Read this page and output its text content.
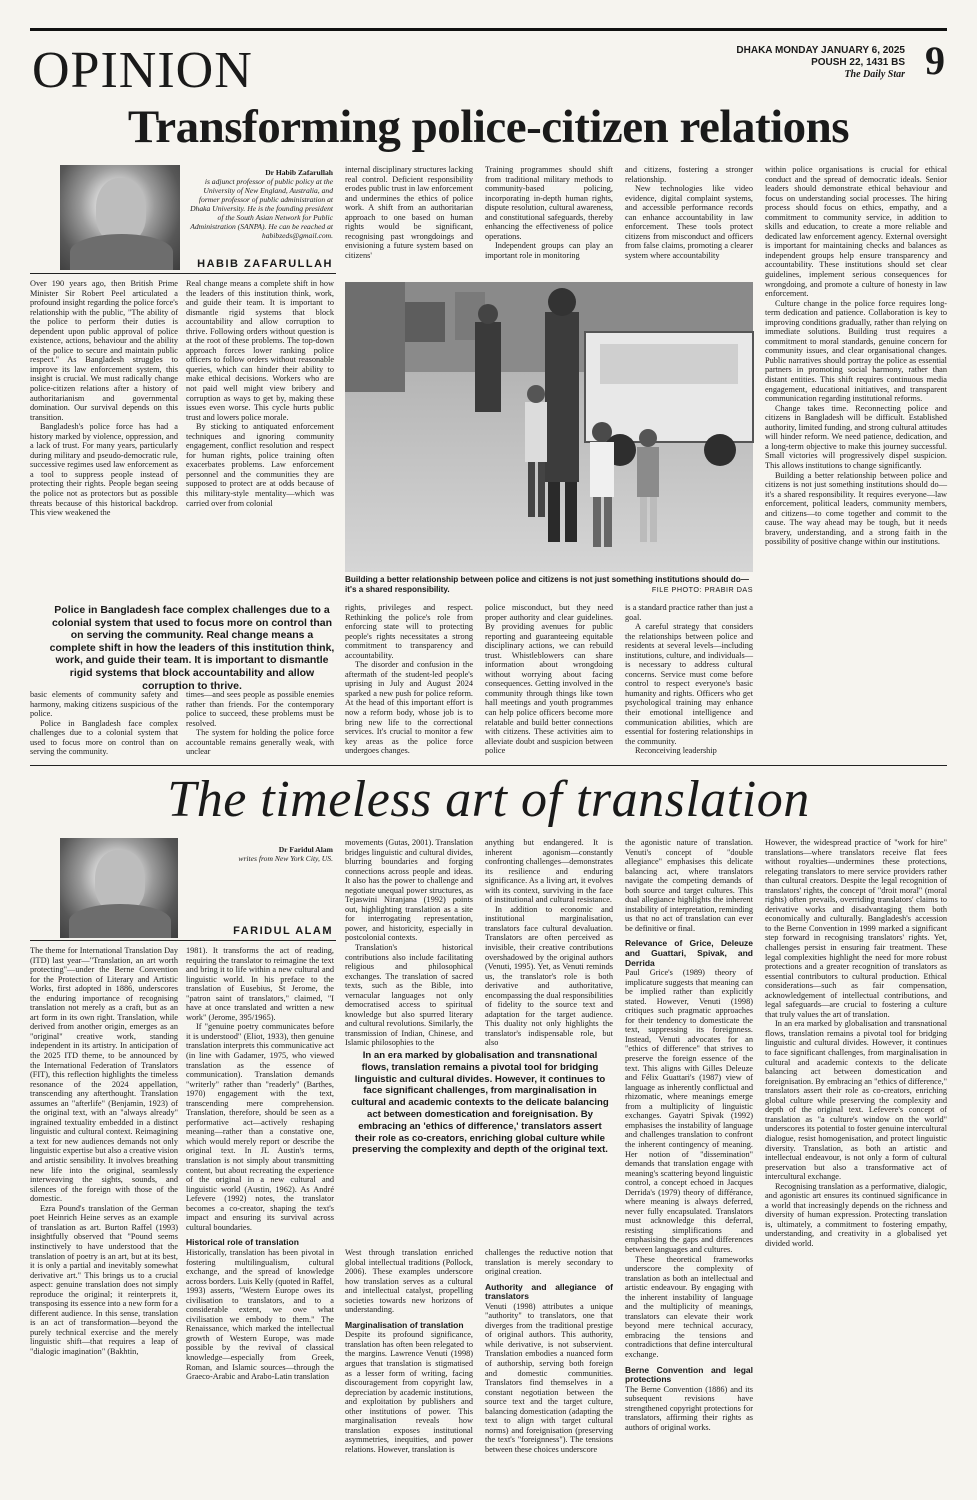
OPINION	DHAKA MONDAY JANUARY 6, 2025
POUSH 22, 1431 BS
The Daily Star 9
Transforming police-citizen relations
Dr Habib Zafarullah
is adjunct professor of public policy at the University of New England, Australia, and former professor of public administration at Dhaka University. He is the founding president of the South Asian Network for Public Administration (SANPA). He can be reached at habibzeds@gmail.com.
HABIB ZAFARULLAH

Over 190 years ago, then British Prime Minister Sir Robert Peel articulated a profound insight regarding the police force's relationship with the public, "The ability of the police to perform their duties is dependent upon public approval of police existence, actions, behaviour and the ability of the police to secure and maintain public respect." As Bangladesh struggles to improve its law enforcement system, this insight is crucial. We must radically change police-citizen relations after a history of authoritarianism and governmental domination. Our survival depends on this transition.

Bangladesh's police force has had a history marked by violence, oppression, and a lack of trust. For many years, particularly during military and pseudo-democratic rule, successive regimes used law enforcement as a tool to suppress people instead of protecting their rights. People began seeing the police not as protectors but as possible threats because of this historical backdrop. This view weakened the

Real change means a complete shift in how the leaders of this institution think, work, and guide their team. It is important to dismantle rigid systems that block accountability and allow corruption to thrive. Following orders without question is at the root of these problems. The top-down approach forces lower ranking police officers to follow orders without reasonable queries, which can hinder their ability to make ethical decisions. Workers who are not paid well might view bribery and corruption as ways to get by, making these issues even worse. This cycle hurts public trust and lowers police morale.

By sticking to antiquated enforcement techniques and ignoring community engagement, conflict resolution and respect for human rights, police training often exacerbates problems. Law enforcement personnel and the communities they are supposed to protect are at odds because of this military-style mentality—which was carried over from colonial

internal disciplinary structures lacking real control. Deficient responsibility erodes public trust in law enforcement and undermines the ethics of police work. A shift from an authoritarian approach to one based on human rights would be significant, recognising past wrongdoings and envisioning a future system based on citizens'

Training programmes should shift from traditional military methods to community-based policing, incorporating in-depth human rights, dispute resolution, cultural awareness, and constitutional safeguards, thereby enhancing the effectiveness of police operations.

Independent groups can play an important role in monitoring

and citizens, fostering a stronger relationship.

New technologies like video evidence, digital complaint systems, and accessible performance records can enhance accountability in law enforcement. These tools protect citizens from misconduct and officers from false claims, promoting a clearer system where accountability

within police organisations is crucial for ethical conduct and the spread of democratic ideals. Senior leaders should demonstrate ethical behaviour and focus on understanding social processes. The hiring process should focus on ethics, empathy, and a commitment to community service, in addition to skills and education, to create a more reliable and dedicated law enforcement agency. External oversight is important for maintaining checks and balances as independent groups help ensure transparency and accountability. These institutions should set clear guidelines, implement serious consequences for wrongdoing, and promote a culture of honesty in law enforcement.

Culture change in the police force requires long-term dedication and patience. Collaboration is key to improving conditions gradually, rather than relying on immediate solutions. Building trust requires a commitment to moral standards, genuine concern for community issues, and clear organisational changes. Public narratives should portray the police as essential partners in promoting social harmony, rather than distant entities. This shift requires continuous media engagement, educational initiatives, and transparent communication regarding institutional reforms.

Change takes time. Reconnecting police and citizens in Bangladesh will be difficult. Established authority, limited funding, and strong cultural attitudes will hinder reform. We need patience, dedication, and a long-term objective to make this journey successful. Small victories will progressively dispel suspicion. This allows institutions to change significantly.

Building a better relationship between police and citizens is not just something institutions should do—it's a shared responsibility. It requires everyone—law enforcement, political leaders, community members, and citizens—to come together and commit to the cause. The way ahead may be tough, but it needs bravery, understanding, and a strong faith in the possibility of positive change within our institutions.

Building a better relationship between police and citizens is not just something institutions should do—it's a shared responsibility.	FILE PHOTO: PRABIR DAS
Police in Bangladesh face complex challenges due to a colonial system that used to focus more on control than on serving the community. Real change means a complete shift in how the leaders of this institution think, work, and guide their team. It is important to dismantle rigid systems that block accountability and allow corruption to thrive.

basic elements of community safety and harmony, making citizens suspicious of the police.

Police in Bangladesh face complex challenges due to a colonial system that used to focus more on control than on serving the community.

times—and sees people as possible enemies rather than friends. For the contemporary police to succeed, these problems must be resolved.

The system for holding the police force accountable remains generally weak, with unclear

rights, privileges and respect. Rethinking the police's role from enforcing state will to protecting people's rights necessitates a strong commitment to transparency and accountability.

The disorder and confusion in the aftermath of the student-led people's uprising in July and August 2024 sparked a new push for police reform. At the head of this important effort is now a reform body, whose job is to bring new life to the correctional services. It's crucial to monitor a few key areas as the police force undergoes changes.

police misconduct, but they need proper authority and clear guidelines. By providing avenues for public reporting and guaranteeing equitable disciplinary actions, we can rebuild trust. Whistleblowers can share information about wrongdoing without worrying about facing consequences. Getting involved in the community through things like town hall meetings and youth programmes can help police officers become more relatable and build better connections with citizens. These activities aim to alleviate doubt and suspicion between police

is a standard practice rather than just a goal.

A careful strategy that considers the relationships between police and residents at several levels—including institutions, culture, and individuals—is necessary to address cultural concerns. Service must come before control to respect everyone's basic humanity and rights. Officers who get psychological training may enhance their emotional intelligence and communication abilities, which are essential for fostering relationships in the community.

Reconceiving leadership

The timeless art of translation
Dr Faridul Alam
writes from New York City, US.
FARIDUL ALAM

The theme for International Translation Day (ITD) last year—"Translation, an art worth protecting"—under the Berne Convention for the Protection of Literary and Artistic Works, first adopted in 1886, underscores the enduring importance of recognising translation not merely as a craft, but as an art form in its own right. Translation, while derived from another origin, emerges as an "original" creative work, standing independent in its artistry. In anticipation of the 2025 ITD theme, to be announced by the International Federation of Translators (FIT), this reflection highlights the timeless resonance of the 2024 appellation, transcending any afterthought. Translation assumes an "afterlife" (Benjamin, 1923) of the original text, with an "always already" ingrained textuality embedded in a distinct linguistic and cultural context. Reimagining a text for new audiences demands not only linguistic expertise but also a creative vision and artistic sensibility. It involves breathing new life into the original, seamlessly interweaving the sights, sounds, and silences of the foreign with those of the domestic.

Ezra Pound's translation of the German poet Heinrich Heine serves as an example of translation as art. Burton Raffel (1993) insightfully observed that "Pound seems instinctively to have understood that the translation of poetry is an art, but at its best, it is only a partial and inevitably somewhat derivative art." This brings us to a crucial aspect: genuine translation does not simply reproduce the original; it reinterprets it, transposing its essence into a new form for a different audience. In this sense, translation is an act of transformation—beyond the purely technical exercise and the merely linguistic shift—that requires a leap of "dialogic imagination" (Bakhtin,

1981). It transforms the act of reading, requiring the translator to reimagine the text and bring it to life within a new cultural and linguistic world. In his preface to the translation of Eusebius, St Jerome, the "patron saint of translators," claimed, "I have at once translated and written a new work" (Jerome, 395/1965).

If "genuine poetry communicates before it is understood" (Eliot, 1933), then genuine translation interprets this communicative act (in line with Gadamer, 1975, who viewed translation as the essence of communication). Translation demands "writerly" rather than "readerly" (Barthes, 1970) engagement with the text, transcending mere comprehension. Translation, therefore, should be seen as a performative act—actively reshaping meaning—rather than a constative one, which would merely report or describe the original text. In JL Austin's terms, translation is not simply about transmitting content, but about recreating the experience of the original in a new cultural and linguistic world (Austin, 1962). As André Lefevere (1992) notes, the translator becomes a co-creator, shaping the text's impact and ensuring its survival across cultural boundaries.

Historical role of translation

Historically, translation has been pivotal in fostering multilingualism, cultural exchange, and the spread of knowledge across borders. Luis Kelly (quoted in Raffel, 1993) asserts, "Western Europe owes its civilisation to translators, and to a considerable extent, we owe what civilisation we embody to them." The Renaissance, which marked the intellectual growth of Western Europe, was made possible by the revival of classical knowledge—especially from Greek, Roman, and Islamic sources—through the Graeco-Arabic and Arabo-Latin translation

movements (Gutas, 2001). Translation bridges linguistic and cultural divides, blurring boundaries and forging connections across people and ideas. It also has the power to challenge and negotiate unequal power structures, as Tejaswini Niranjana (1992) points out, highlighting translation as a site for interrogating representation, power, and historicity, especially in postcolonial contexts.

Translation's historical contributions also include facilitating religious and philosophical exchanges. The translation of sacred texts, such as the Bible, into vernacular languages not only democratised access to spiritual knowledge but also spurred literary and cultural revolutions. Similarly, the transmission of Indian, Chinese, and Islamic philosophies to the

anything but endangered. It is inherent agonism—constantly confronting challenges—demonstrates its resilience and enduring significance. As a living art, it evolves with its context, surviving in the face of institutional and cultural resistance.

In addition to economic and institutional marginalisation, translators face cultural devaluation. Translators are often perceived as invisible, their creative contributions overshadowed by the original authors (Venuti, 1995). Yet, as Venuti reminds us, the translator's role is both derivative and authoritative, encompassing the dual responsibilities of fidelity to the source text and adaptation for the target audience. This duality not only highlights the translator's indispensable role, but also

In an era marked by globalisation and transnational flows, translation remains a pivotal tool for bridging linguistic and cultural divides. However, it continues to face significant challenges, from marginalisation in cultural and academic contexts to the delicate balancing act between domestication and foreignisation. By embracing an 'ethics of difference,' translators assert their role as co-creators, enriching global culture while preserving the complexity and depth of the original text.

West through translation enriched global intellectual traditions (Pollock, 2006). These examples underscore how translation serves as a cultural and intellectual catalyst, propelling societies towards new horizons of understanding.

Marginalisation of translation

Despite its profound significance, translation has often been relegated to the margins. Lawrence Venuti (1998) argues that translation is stigmatised as a lesser form of writing, facing discouragement from copyright law, depreciation by academic institutions, and exploitation by publishers and other institutions of power. This marginalisation reveals how translation exposes institutional asymmetries, inequities, and power relations. However, translation is

challenges the reductive notion that translation is merely secondary to original creation.

Authority and allegiance of translators

Venuti (1998) attributes a unique "authority" to translators, one that diverges from the traditional prestige of original authors. This authority, while derivative, is not subservient. Translation embodies a nuanced form of authorship, serving both foreign and domestic communities. Translators find themselves in a constant negotiation between the source text and the target culture, balancing domestication (adapting the text to align with target cultural norms) and foreignisation (preserving the text's "foreignness"). The tensions between these choices underscore

the agonistic nature of translation. Venuti's concept of "double allegiance" emphasises this delicate balancing act, where translators navigate the competing demands of both source and target cultures. This dual allegiance highlights the inherent instability of interpretation, reminding us that no act of translation can ever be definitive or final.

Relevance of Grice, Deleuze and Guattari, Spivak, and Derrida

Paul Grice's (1989) theory of implicature suggests that meaning can be implied rather than explicitly stated. However, Venuti (1998) critiques such pragmatic approaches for their tendency to domesticate the text, suppressing its foreignness. Instead, Venuti advocates for an "ethics of difference" that strives to preserve the foreign essence of the text. This aligns with Gilles Deleuze and Félix Guattari's (1987) view of language as inherently conflictual and rhizomatic, where meanings emerge from a multiplicity of linguistic exchanges. Gayatri Spivak (1992) emphasises the instability of language and challenges translation to confront the inherent contingency of meaning. Her notion of "dissemination" demands that translation engage with meaning's scattering beyond linguistic control, a concept echoed in Jacques Derrida's (1979) theory of différance, where meaning is always deferred, never fully encapsulated. Translators must acknowledge this deferral, resisting simplifications and emphasising the gaps and differences between languages and cultures.

These theoretical frameworks underscore the complexity of translation as both an intellectual and artistic endeavour. By engaging with the inherent instability of language and the multiplicity of meanings, translators can elevate their work beyond mere technical accuracy, embracing the tensions and contradictions that define intercultural exchange.

Berne Convention and legal protections

The Berne Convention (1886) and its subsequent revisions have strengthened copyright protections for translators, affirming their rights as authors of original works.

However, the widespread practice of "work for hire" translations—where translators receive flat fees without royalties—undermines these protections, relegating translators to mere service providers rather than cultural creators. Despite the legal recognition of translators' rights, the concept of "droit moral" (moral rights) often prevails, overriding translators' claims to derivative works and disadvantaging them both economically and culturally. Bangladesh's accession to the Berne Convention in 1999 marked a significant step forward in recognising translators' rights. Yet, challenges persist in ensuring fair treatment. These legal complexities highlight the need for more robust protections and a greater recognition of translators as essential contributors to cultural production. Ethical considerations—such as fair compensation, acknowledgement of intellectual contributions, and legal safeguards—are crucial to fostering a culture that truly values the art of translation.

In an era marked by globalisation and transnational flows, translation remains a pivotal tool for bridging linguistic and cultural divides. However, it continues to face significant challenges, from marginalisation in cultural and academic contexts to the delicate balancing act between domestication and foreignisation. By embracing an "ethics of difference," translators assert their role as co-creators, enriching global culture while preserving the complexity and depth of the original text. Lefevere's concept of translation as "a culture's window on the world" underscores its potential to foster genuine intercultural dialogue, resist homogenisation, and protect linguistic diversity. Translation, as both an artistic and intellectual endeavour, is not only a form of cultural preservation but also a transformative act of intercultural exchange.

Recognising translation as a performative, dialogic, and agonistic art ensures its continued significance in a world that increasingly depends on the richness and diversity of human expression. Protecting translation is, ultimately, a commitment to fostering empathy, understanding, and creativity in a globalised yet divided world.
